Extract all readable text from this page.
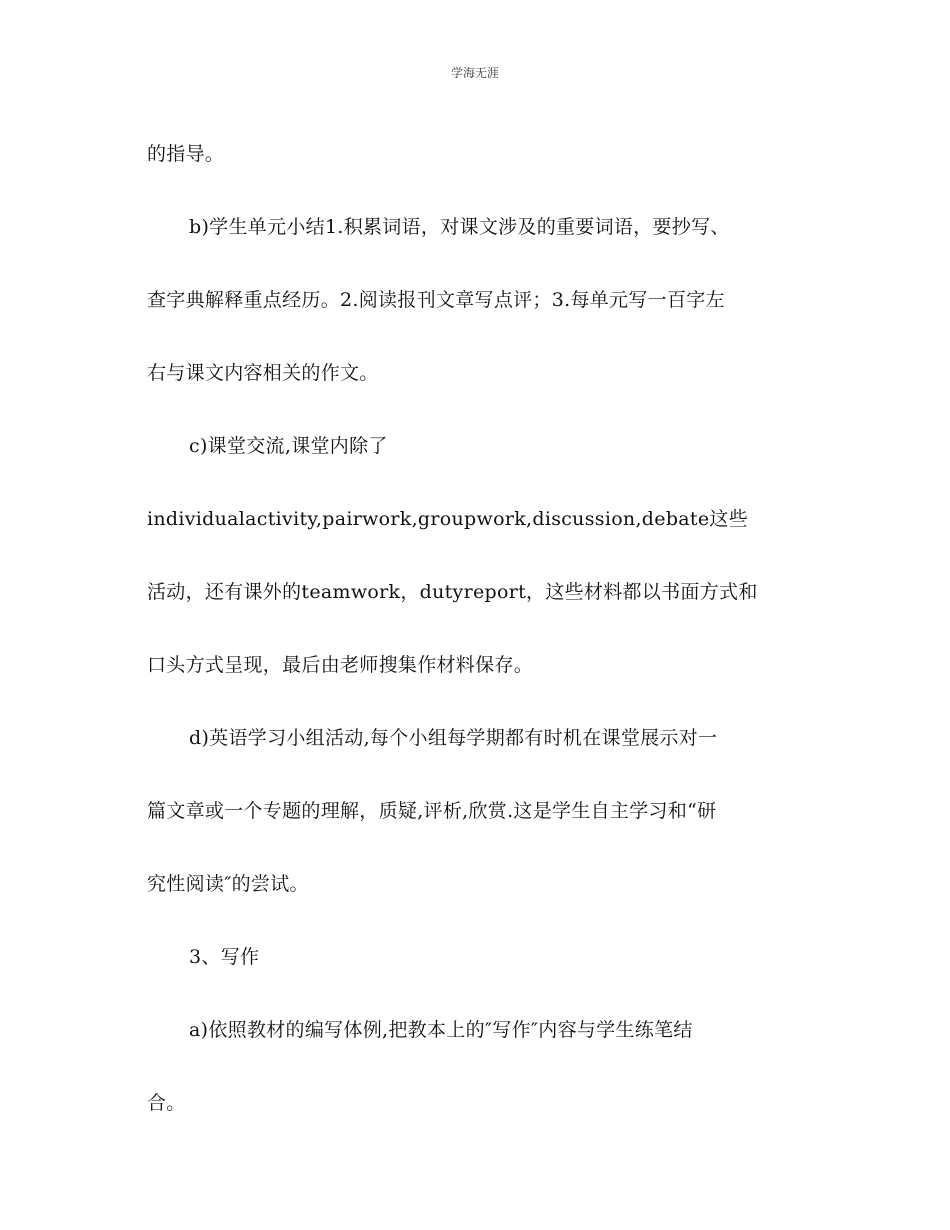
学海无涯
的指导。
b)学生单元小结1.积累词语，对课文涉及的重要词语，要抄写、
查字典解释重点经历。2.阅读报刊文章写点评；3.每单元写一百字左
右与课文内容相关的作文。
c)课堂交流,课堂内除了
individualactivity,pairwork,groupwork,discussion,debate这些
活动，还有课外的teamwork，dutyreport，这些材料都以书面方式和
口头方式呈现，最后由老师搜集作材料保存。
d)英语学习小组活动,每个小组每学期都有时机在课堂展示对一
篇文章或一个专题的理解，质疑,评析,欣赏.这是学生自主学习和“研
究性阅读″的尝试。
3、写作
a)依照教材的编写体例,把教本上的″写作″内容与学生练笔结
合。
